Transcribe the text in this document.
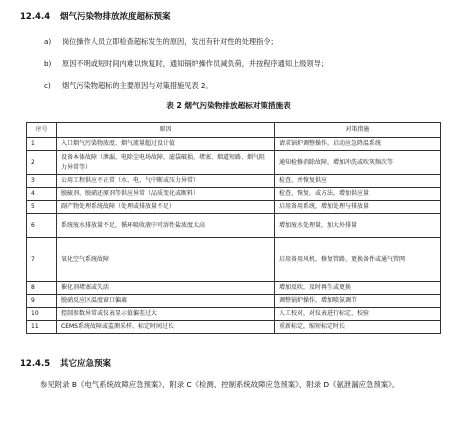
12.4.4 烟气污染物排放浓度超标预案
a) 岗位操作人员立即检查超标发生的原因，发出有针对性的处理指令；
b) 原因不明或短时间内难以恢复时，通知锅炉操作员减负荷，并按程序通知上级领导；
c) 烟气污染物超标的主要原因与对策措施见表 2。
表 2 烟气污染物排放超标对策措施表
序号	原因	对策措施
1	入口烟气污染物浓度、烟气流量超过设计值	请求锅炉调整操作，启动应急降温系统
2	设备本体故障（泄漏、电除尘电场故障、滤袋破损、堵塞、烟道短路、烟气阻力异常等）	通知检修消除故障，增加冲洗或吹灰频次等
3	公用工程供应不正常（水、电、气中断或压力异常）	检查、并恢复供应
4	脱硫剂、脱硝还原剂等供应异常（品质变化或断料）	检查、恢复，或方法，增加供应量
5	副产物处理系统故障（处理或排放量不足）	启用备用系统，增加处理与排放量
6	系统废水排放量不足，循环吸收液中可溶性盐浓度太高	增加废水处理量，加大外排量
7	氧化空气系统故障	启用备用风机，修复管路、更换备件或通气管网
8	催化剂堵塞或失活	增加反吹，及时再生或更换
9	脱硝反应区温度窗口偏离	调整锅炉操作，增加喷氨调节
10	控制参数异常或仪表显示值偏差过大	人工校对，对仪表进行标定、校验
11	CEMS系统故障或监测采样、标定时间过长	重新标定，缩短标定时长
12.4.5 其它应急预案
参见附录 B《电气系统故障应急预案》、附录 C《检测、控制系统故障应急预案》、附录 D《氨泄漏应急预案》。
